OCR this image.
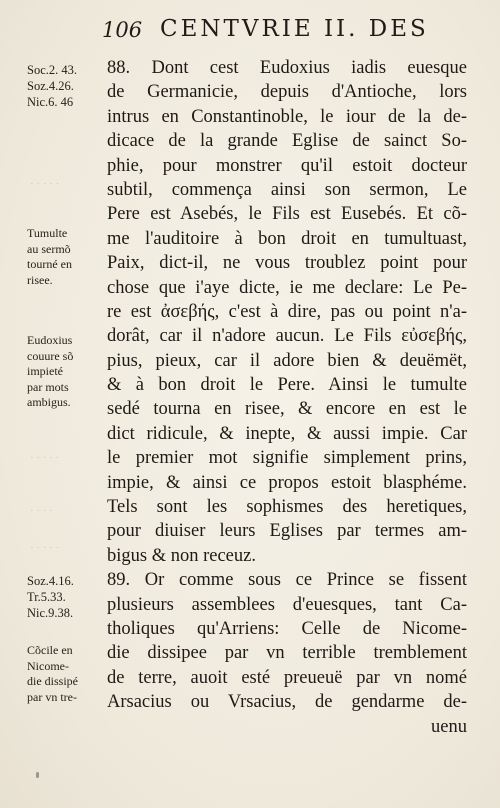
· · · · ·
· · · · ·
· · · ·
· · · · ·
106 CENTVRIE II. DES
Soc.2. 43.
Soz.4.26.
Nic.6. 46
Tumulte
au sermõ
tourné en
risee.
Eudoxius
couure sõ
impieté
par mots
ambigus.
Soz.4.16.
Tr.5.33.
Nic.9.38.
Cõcile en
Nicome-
die dissipé
par vn tre-
88. Dont cest Eudoxius iadis euesque
de Germanicie, depuis d'Antioche, lors
intrus en Constantinoble, le iour de la de-
dicace de la grande Eglise de sainct So-
phie, pour monstrer qu'il estoit docteur
subtil, commença ainsi son sermon, Le
Pere est Asebés, le Fils est Eusebés. Et cõ-
me l'auditoire à bon droit en tumultuast,
Paix, dict-il, ne vous troublez point pour
chose que i'aye dicte, ie me declare: Le Pe-
re est ἀσεβής, c'est à dire, pas ou point n'a-
dorât, car il n'adore aucun. Le Fils εὐσεβής,
pius, pieux, car il adore bien & deuëmët,
& à bon droit le Pere. Ainsi le tumulte
sedé tourna en risee, & encore en est le
dict ridicule, & inepte, & aussi impie. Car
le premier mot signifie simplement prins,
impie, & ainsi ce propos estoit blasphéme.
Tels sont les sophismes des heretiques,
pour diuiser leurs Eglises par termes am-
bigus & non receuz.
89. Or comme sous ce Prince se fissent
plusieurs assemblees d'euesques, tant Ca-
tholiques qu'Arriens: Celle de Nicome-
die dissipee par vn terrible tremblement
de terre, auoit esté preueuë par vn nomé
Arsacius ou Vrsacius, de gendarme de-
uenu
